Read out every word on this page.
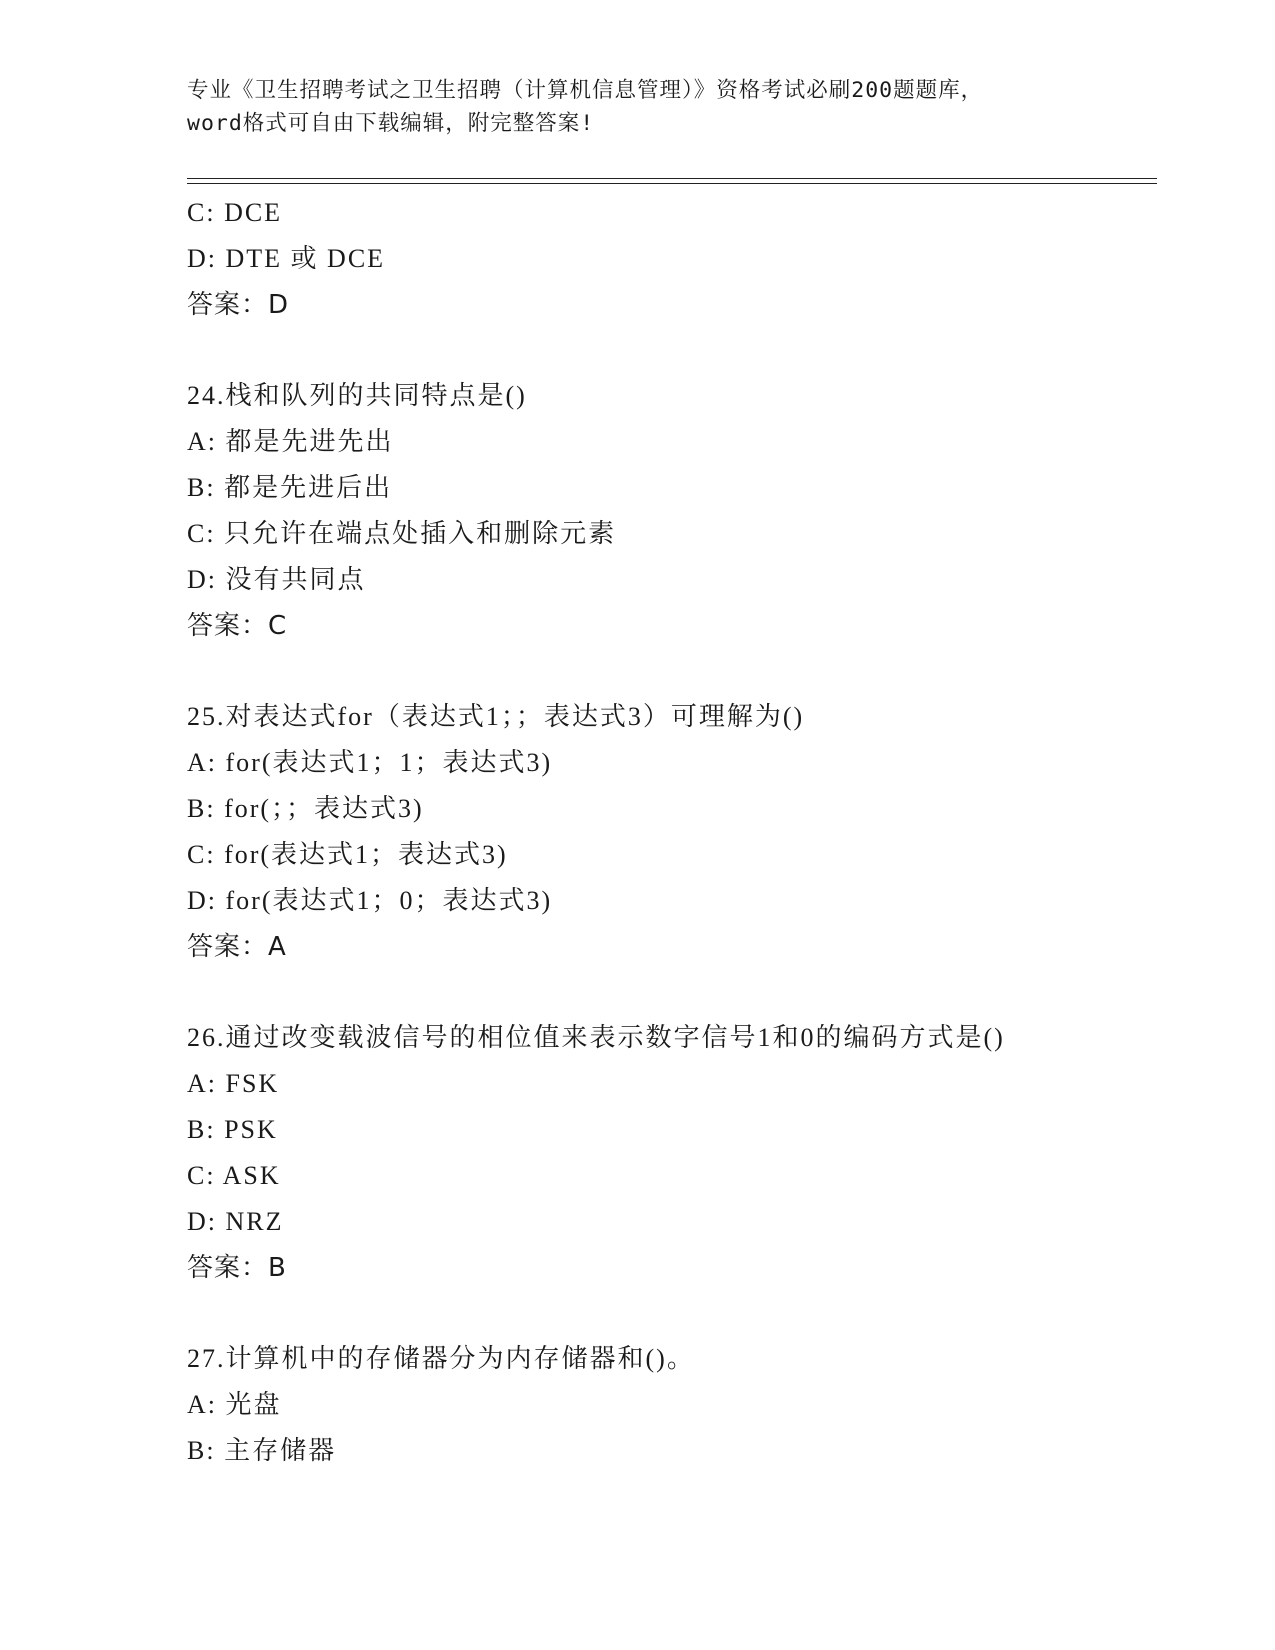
专业《卫生招聘考试之卫生招聘（计算机信息管理）》资格考试必刷200题题库，
word格式可自由下载编辑，附完整答案!
C: DCE
D: DTE 或 DCE
答案：D
24.栈和队列的共同特点是()
A: 都是先进先出
B: 都是先进后出
C: 只允许在端点处插入和删除元素
D: 没有共同点
答案：C
25.对表达式for（表达式1；；表达式3）可理解为()
A: for(表达式1；1；表达式3)
B: for(；；表达式3)
C: for(表达式1；表达式3)
D: for(表达式1；0；表达式3)
答案：A
26.通过改变载波信号的相位值来表示数字信号1和0的编码方式是()
A: FSK
B: PSK
C: ASK
D: NRZ
答案：B
27.计算机中的存储器分为内存储器和()。
A: 光盘
B: 主存储器
